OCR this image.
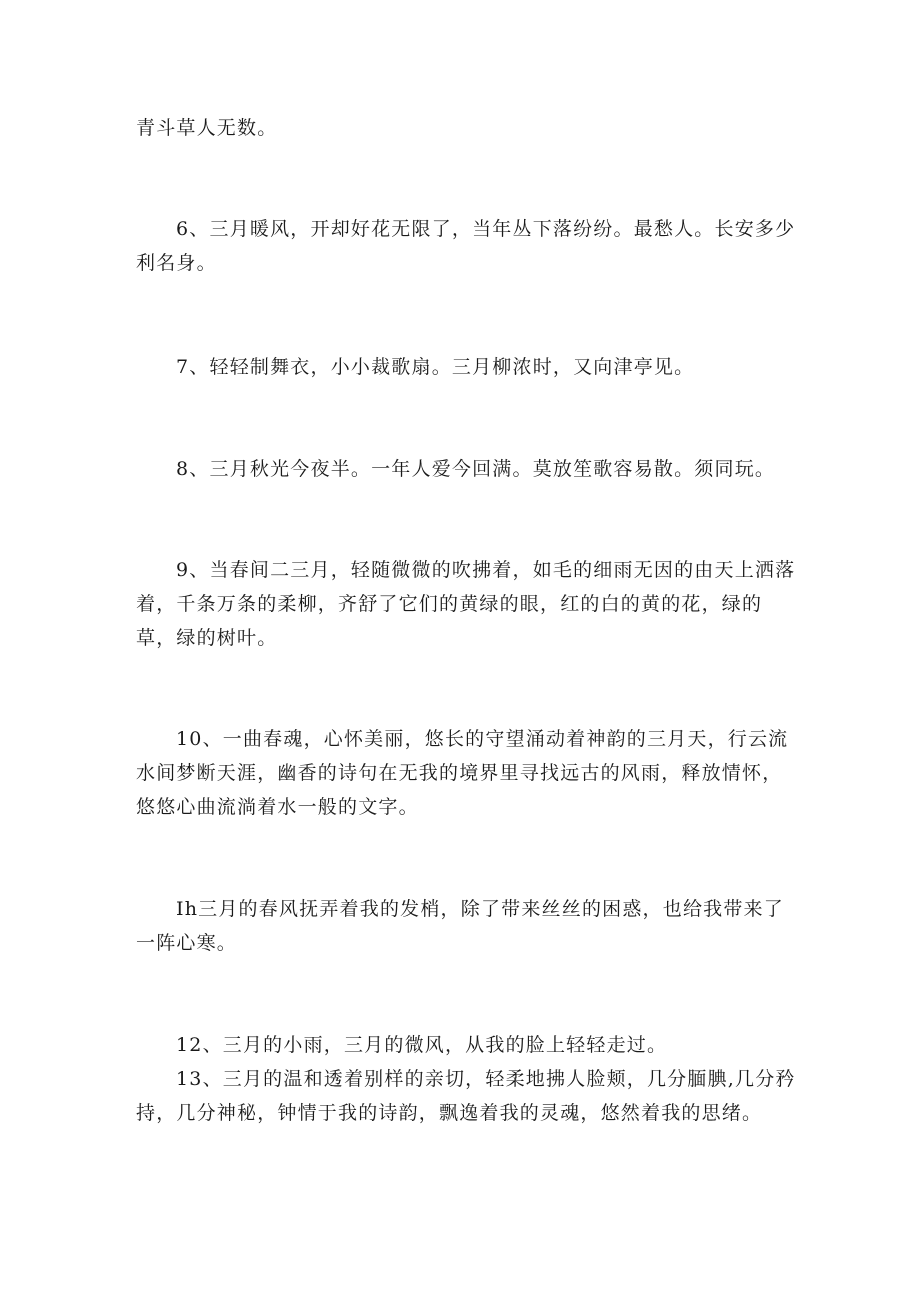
青斗草人无数。

6、三月暖风，开却好花无限了，当年丛下落纷纷。最愁人。长安多少利名身。

7、轻轻制舞衣，小小裁歌扇。三月柳浓时，又向津亭见。

8、三月秋光今夜半。一年人爱今回满。莫放笙歌容易散。须同玩。

9、当春间二三月，轻随微微的吹拂着，如毛的细雨无因的由天上洒落着，千条万条的柔柳，齐舒了它们的黄绿的眼，红的白的黄的花，绿的草，绿的树叶。

10、一曲春魂，心怀美丽，悠长的守望涌动着神韵的三月天，行云流水间梦断天涯，幽香的诗句在无我的境界里寻找远古的风雨，释放情怀，悠悠心曲流淌着水一般的文字。

Ih三月的春风抚弄着我的发梢，除了带来丝丝的困惑，也给我带来了一阵心寒。

12、三月的小雨，三月的微风，从我的脸上轻轻走过。

13、三月的温和透着别样的亲切，轻柔地拂人脸颊，几分腼腆,几分矜持，几分神秘，钟情于我的诗韵，飘逸着我的灵魂，悠然着我的思绪。
